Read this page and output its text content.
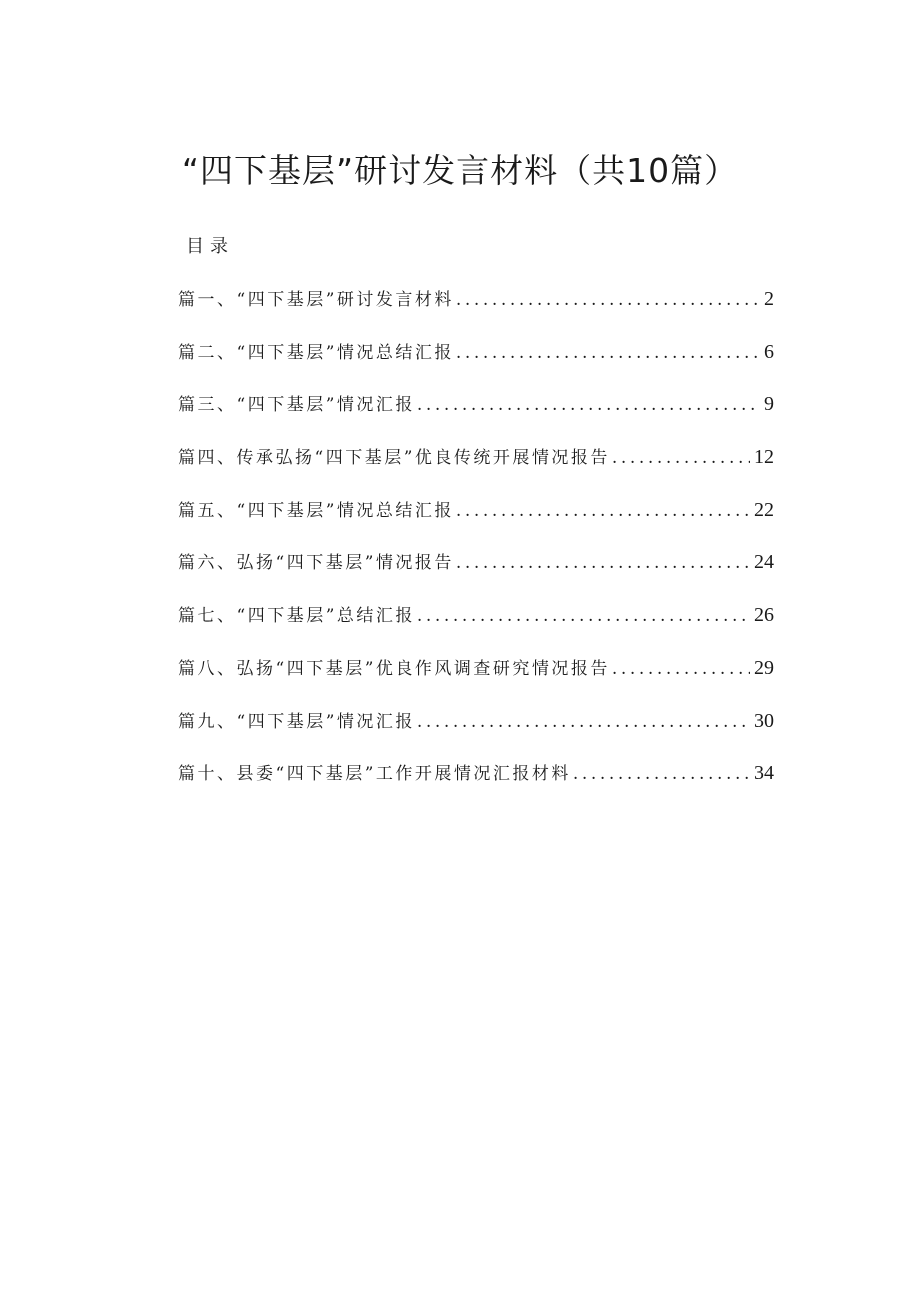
“四下基层”研讨发言材料（共10篇）
目录
篇一、“四下基层”研讨发言材料 .....	2
篇二、“四下基层”情况总结汇报 .....	6
篇三、“四下基层”情况汇报 .....	9
篇四、传承弘扬“四下基层”优良传统开展情况报告 .....	12
篇五、“四下基层”情况总结汇报 .....	22
篇六、弘扬“四下基层”情况报告 .....	24
篇七、“四下基层”总结汇报 .....	26
篇八、弘扬“四下基层”优良作风调查研究情况报告 .....	29
篇九、“四下基层”情况汇报 .....	30
篇十、县委“四下基层”工作开展情况汇报材料 .....	34
